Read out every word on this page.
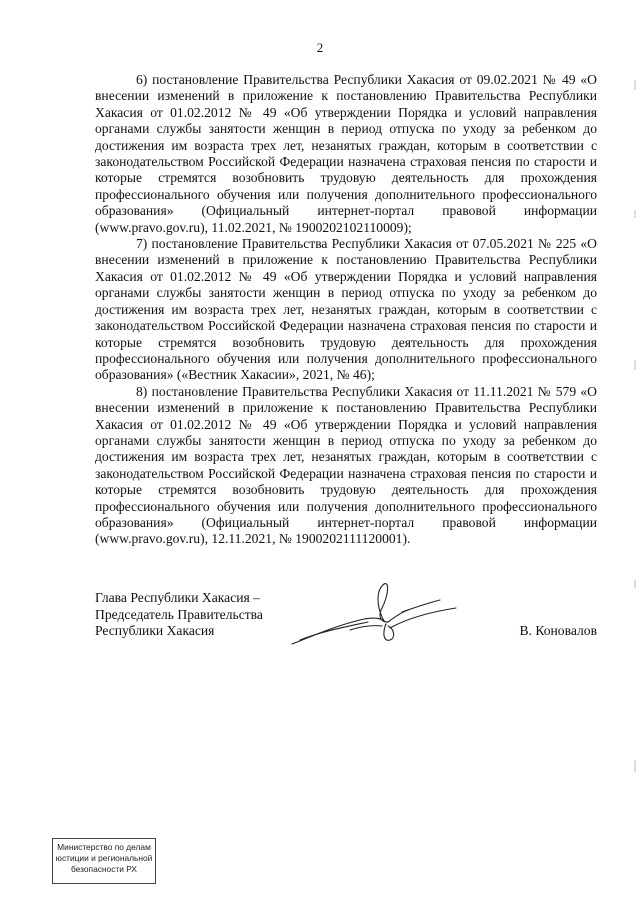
2

6) постановление Правительства Республики Хакасия от 09.02.2021 № 49 «О внесении изменений в приложение к постановлению Правительства Республики Хакасия от 01.02.2012 № 49 «Об утверждении Порядка и условий направления органами службы занятости женщин в период отпуска по уходу за ребенком до достижения им возраста трех лет, незанятых граждан, которым в соответствии с законодательством Российской Федерации назначена страховая пенсия по старости и которые стремятся возобновить трудовую деятельность для прохождения профессионального обучения или получения дополнительного профессионального образования» (Официальный интернет-портал правовой информации (www.pravo.gov.ru), 11.02.2021, № 1900202102110009);

7) постановление Правительства Республики Хакасия от 07.05.2021 № 225 «О внесении изменений в приложение к постановлению Правительства Республики Хакасия от 01.02.2012 № 49 «Об утверждении Порядка и условий направления органами службы занятости женщин в период отпуска по уходу за ребенком до достижения им возраста трех лет, незанятых граждан, которым в соответствии с законодательством Российской Федерации назначена страховая пенсия по старости и которые стремятся возобновить трудовую деятельность для прохождения профессионального обучения или получения дополнительного профессионального образования» («Вестник Хакасии», 2021, № 46);

8) постановление Правительства Республики Хакасия от 11.11.2021 № 579 «О внесении изменений в приложение к постановлению Правительства Республики Хакасия от 01.02.2012 № 49 «Об утверждении Порядка и условий направления органами службы занятости женщин в период отпуска по уходу за ребенком до достижения им возраста трех лет, незанятых граждан, которым в соответствии с законодательством Российской Федерации назначена страховая пенсия по старости и которые стремятся возобновить трудовую деятельность для прохождения профессионального обучения или получения дополнительного профессионального образования» (Официальный интернет-портал правовой информации (www.pravo.gov.ru), 12.11.2021, № 1900202111120001).

Глава Республики Хакасия –
Председатель Правительства
Республики Хакасия	В. Коновалов
Министерство по делам
юстиции и региональной
безопасности РХ
